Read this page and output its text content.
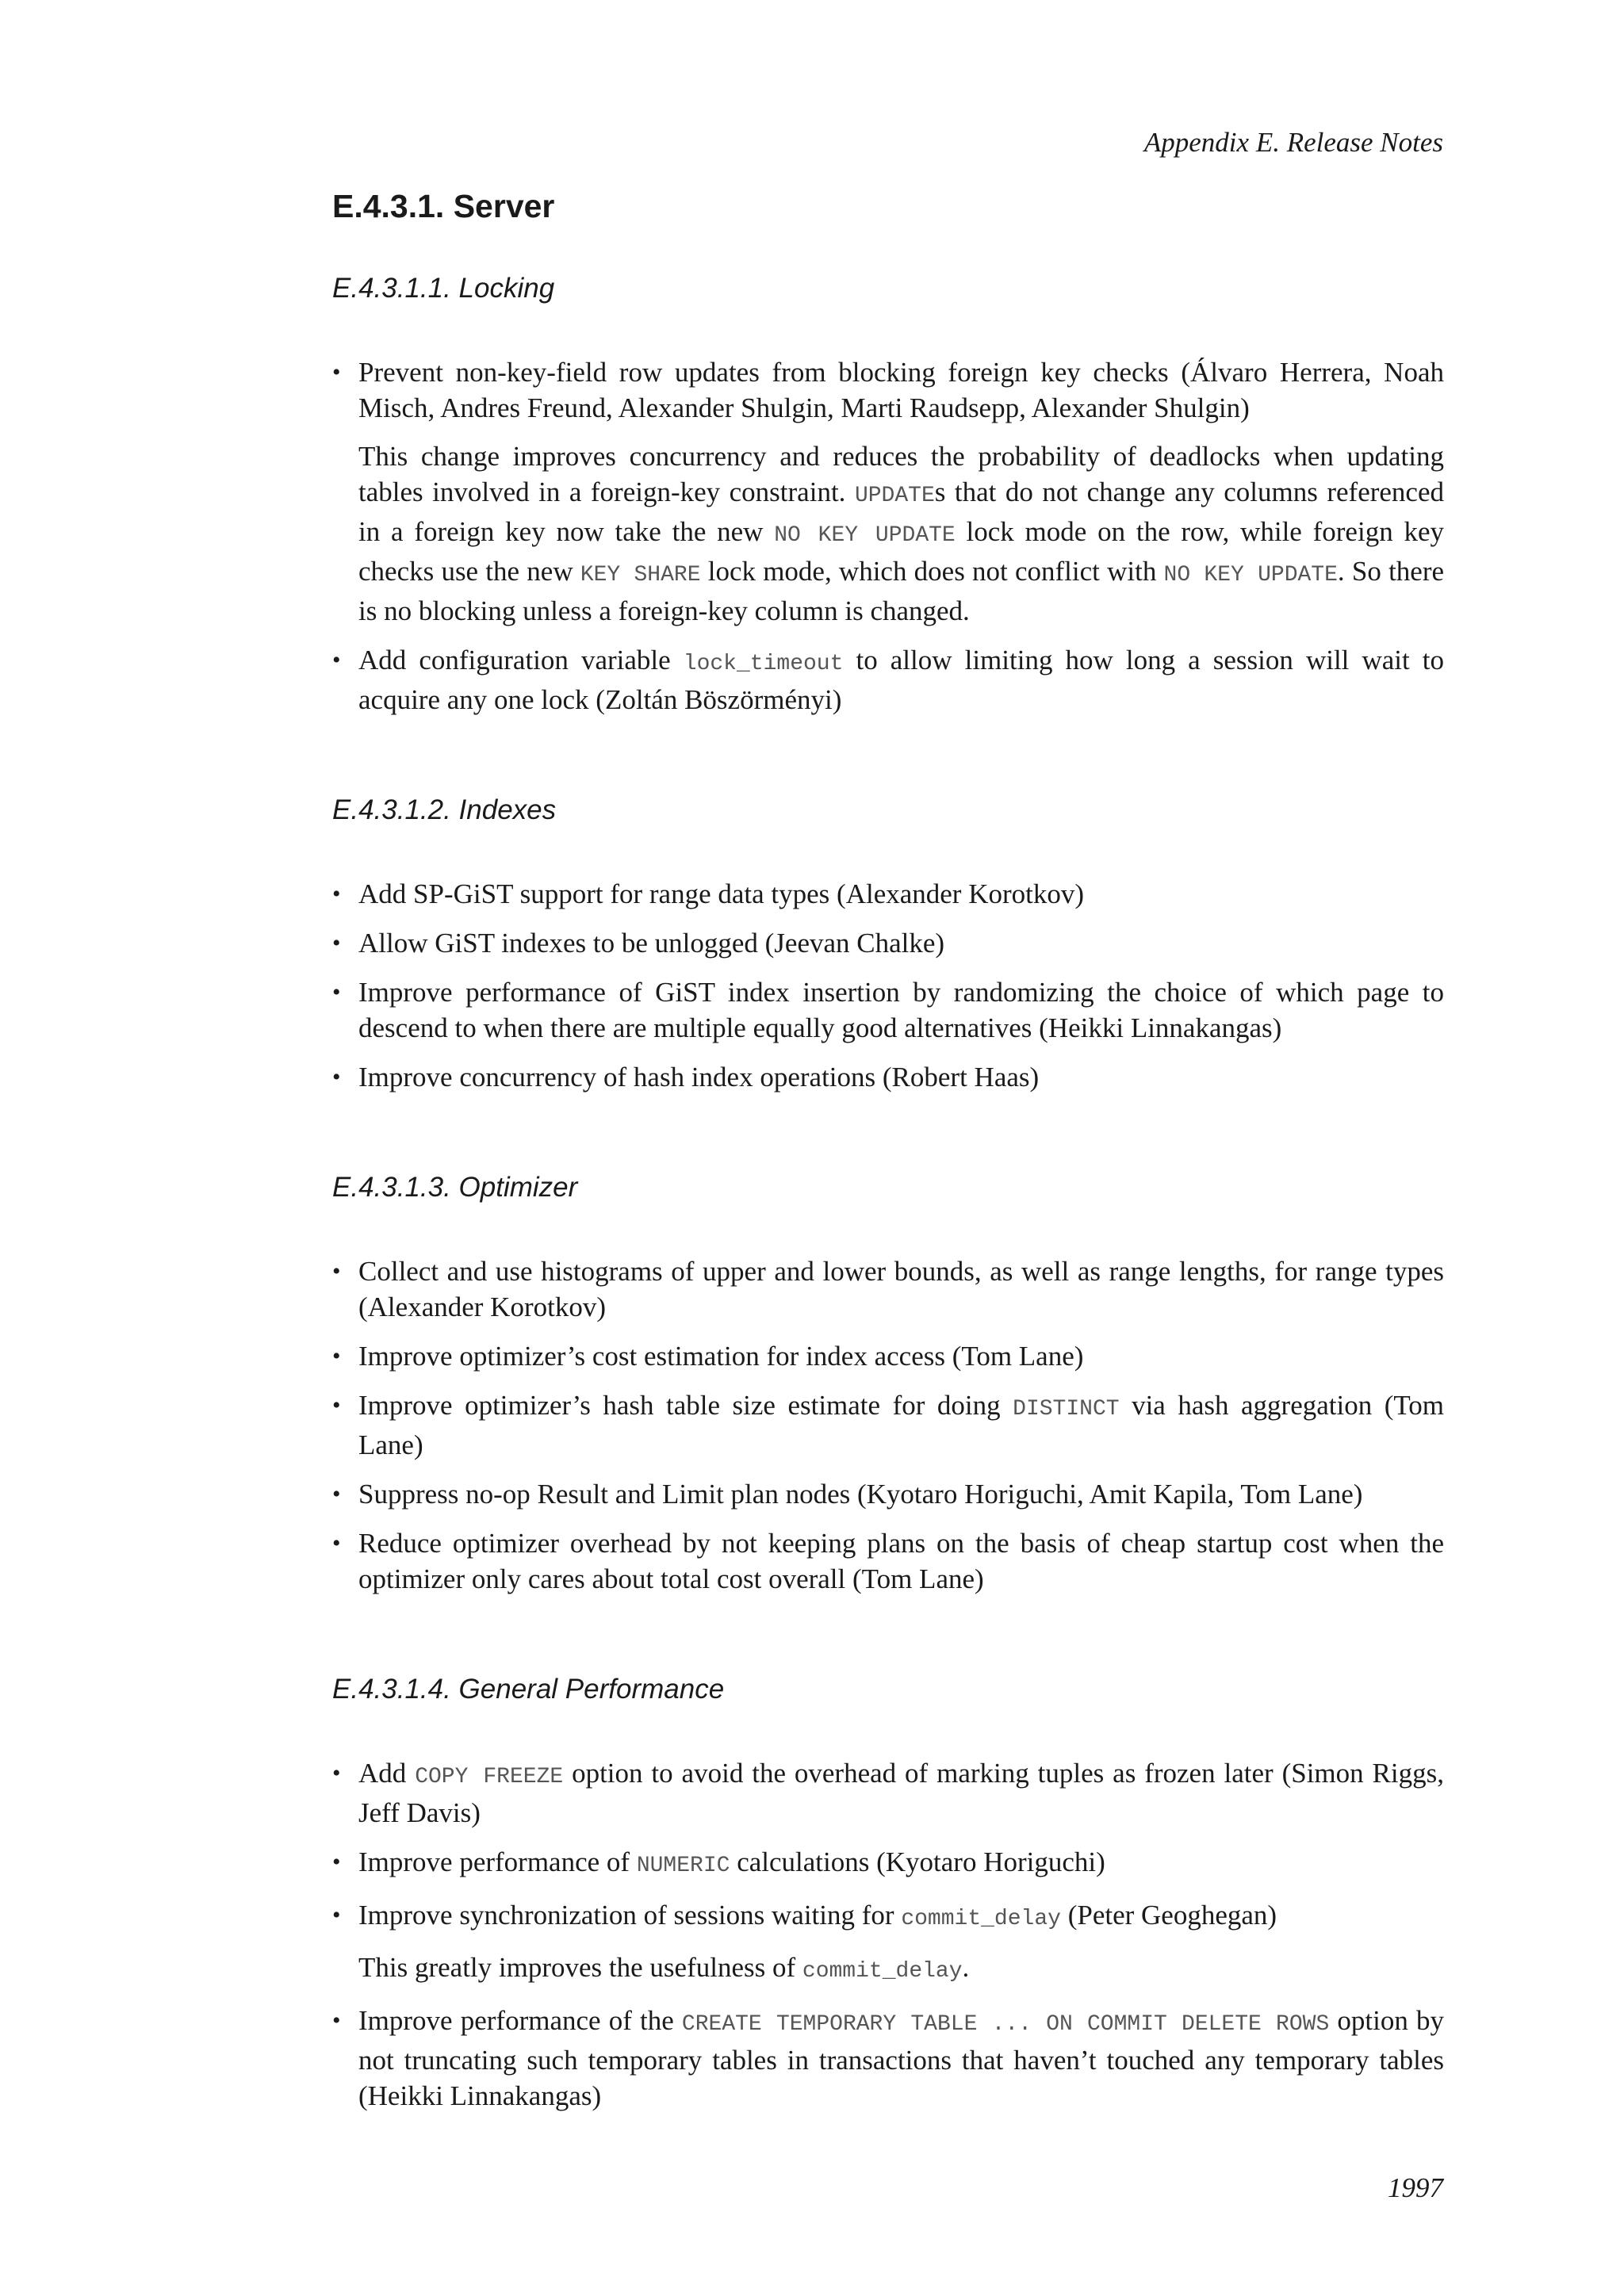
Appendix E. Release Notes
E.4.3.1. Server
E.4.3.1.1. Locking
• Prevent non-key-field row updates from blocking foreign key checks (Álvaro Herrera, Noah Misch, Andres Freund, Alexander Shulgin, Marti Raudsepp, Alexander Shulgin)

This change improves concurrency and reduces the probability of deadlocks when updating tables involved in a foreign-key constraint. UPDATEs that do not change any columns referenced in a foreign key now take the new NO KEY UPDATE lock mode on the row, while foreign key checks use the new KEY SHARE lock mode, which does not conflict with NO KEY UPDATE. So there is no blocking unless a foreign-key column is changed.

• Add configuration variable lock_timeout to allow limiting how long a session will wait to acquire any one lock (Zoltán Böszörményi)

E.4.3.1.2. Indexes
• Add SP-GiST support for range data types (Alexander Korotkov)

• Allow GiST indexes to be unlogged (Jeevan Chalke)

• Improve performance of GiST index insertion by randomizing the choice of which page to descend to when there are multiple equally good alternatives (Heikki Linnakangas)

• Improve concurrency of hash index operations (Robert Haas)

E.4.3.1.3. Optimizer
• Collect and use histograms of upper and lower bounds, as well as range lengths, for range types (Alexander Korotkov)

• Improve optimizer’s cost estimation for index access (Tom Lane)

• Improve optimizer’s hash table size estimate for doing DISTINCT via hash aggregation (Tom Lane)

• Suppress no-op Result and Limit plan nodes (Kyotaro Horiguchi, Amit Kapila, Tom Lane)

• Reduce optimizer overhead by not keeping plans on the basis of cheap startup cost when the optimizer only cares about total cost overall (Tom Lane)

E.4.3.1.4. General Performance
• Add COPY FREEZE option to avoid the overhead of marking tuples as frozen later (Simon Riggs, Jeff Davis)

• Improve performance of NUMERIC calculations (Kyotaro Horiguchi)

• Improve synchronization of sessions waiting for commit_delay (Peter Geoghegan)

This greatly improves the usefulness of commit_delay.

• Improve performance of the CREATE TEMPORARY TABLE ... ON COMMIT DELETE ROWS option by not truncating such temporary tables in transactions that haven’t touched any temporary tables (Heikki Linnakangas)

1997
